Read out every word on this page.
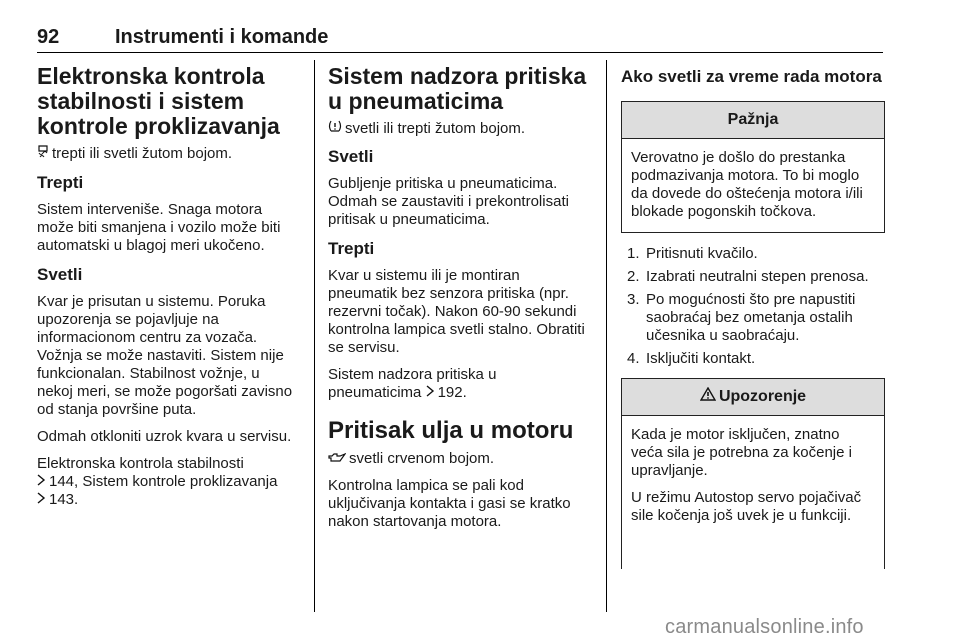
92	Instrumenti i komande
Elektronska kontrola stabilnosti i sistem kontrole proklizavanja

trepti ili svetli žutom bojom.

Trepti

Sistem interveniše. Snaga motora može biti smanjena i vozilo može biti automatski u blagoj meri ukočeno.

Svetli

Kvar je prisutan u sistemu. Poruka upozorenja se pojavljuje na informacionom centru za vozača. Vožnja se može nastaviti. Sistem nije funkcionalan. Stabilnost vožnje, u nekoj meri, se može pogoršati zavisno od stanja površine puta.

Odmah otkloniti uzrok kvara u servisu.

Elektronska kontrola stabilnosti
144, Sistem kontrole proklizavanja
143.

Sistem nadzora pritiska u pneumaticima

svetli ili trepti žutom bojom.

Svetli

Gubljenje pritiska u pneumaticima. Odmah se zaustaviti i prekontrolisati pritisak u pneumaticima.

Trepti

Kvar u sistemu ili je montiran pneumatik bez senzora pritiska (npr. rezervni točak). Nakon 60-90 sekundi kontrolna lampica svetli stalno. Obratiti se servisu.

Sistem nadzora pritiska u pneumaticima 192.

Pritisak ulja u motoru

svetli crvenom bojom.

Kontrolna lampica se pali kod uključivanja kontakta i gasi se kratko nakon startovanja motora.

Ako svetli za vreme rada motora
Pažnja

Verovatno je došlo do prestanka podmazivanja motora. To bi moglo da dovede do oštećenja motora i/ili blokade pogonskih točkova.

1. Pritisnuti kvačilo.
2. Izabrati neutralni stepen prenosa.
3. Po mogućnosti što pre napustiti saobraćaj bez ometanja ostalih učesnika u saobraćaju.
4. Isključiti kontakt.
Upozorenje

Kada je motor isključen, znatno veća sila je potrebna za kočenje i upravljanje.

U režimu Autostop servo pojačivač sile kočenja još uvek je u funkciji.

carmanualsonline.info
